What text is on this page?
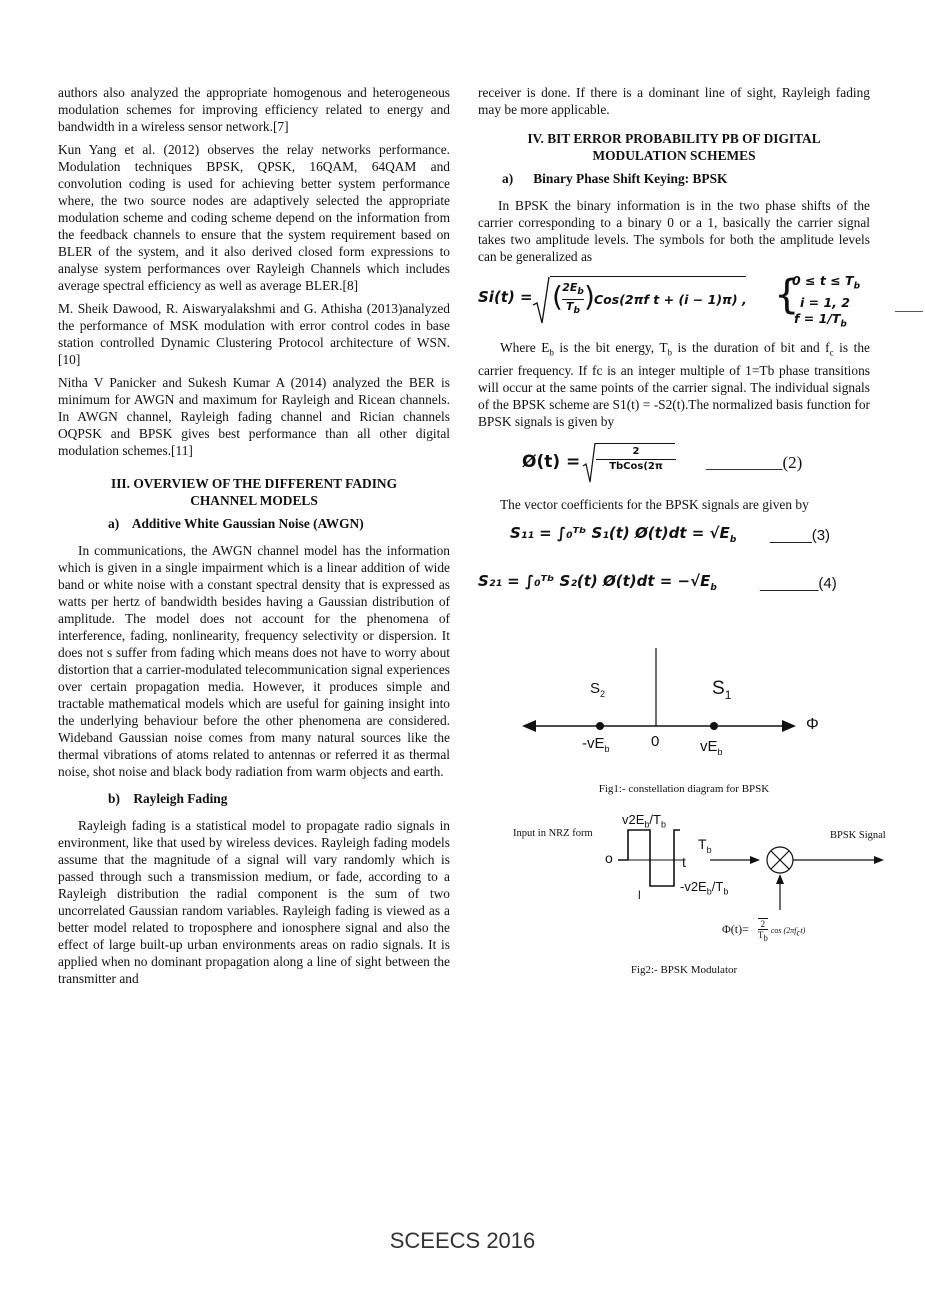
authors also analyzed the appropriate homogenous and heterogeneous modulation schemes for improving efficiency related to energy and bandwidth in a wireless sensor network.[7]

Kun Yang et al. (2012) observes the relay networks performance. Modulation techniques BPSK, QPSK, 16QAM, 64QAM and convolution coding is used for achieving better system performance where, the two source nodes are adaptively selected the appropriate modulation scheme and coding scheme depend on the information from the feedback channels to ensure that the system requirement based on BLER of the system, and it also derived closed form expressions to analyse system performances over Rayleigh Channels which includes average spectral efficiency as well as average BLER.[8]

M. Sheik Dawood, R. Aiswaryalakshmi and G. Athisha (2013)analyzed the performance of MSK modulation with error control codes in base station controlled Dynamic Clustering Protocol architecture of WSN.[10]

Nitha V Panicker and Sukesh Kumar A (2014) analyzed the BER is minimum for AWGN and maximum for Rayleigh and Ricean channels. In AWGN channel, Rayleigh fading channel and Rician channels OQPSK and BPSK gives best performance than all other digital modulation schemes.[11]

III. OVERVIEW OF THE DIFFERENT FADING
CHANNEL MODELS
a) Additive White Gaussian Noise (AWGN)

In communications, the AWGN channel model has the information which is given in a single impairment which is a linear addition of wide band or white noise with a constant spectral density that is expressed as watts per hertz of bandwidth besides having a Gaussian distribution of amplitude. The model does not account for the phenomena of interference, fading, nonlinearity, frequency selectivity or dispersion. It does not s suffer from fading which means does not have to worry about distortion that a carrier-modulated telecommunication signal experiences over certain propagation media. However, it produces simple and tractable mathematical models which are useful for gaining insight into the underlying behaviour before the other phenomena are considered. Wideband Gaussian noise comes from many natural sources like the thermal vibrations of atoms related to antennas or referred it as thermal noise, shot noise and black body radiation from warm objects and earth.

b) Rayleigh Fading

Rayleigh fading is a statistical model to propagate radio signals in environment, like that used by wireless devices. Rayleigh fading models assume that the magnitude of a signal will vary randomly which is passed through such a transmission medium, or fade, according to a Rayleigh distribution the radial component is the sum of two uncorrelated Gaussian random variables. Rayleigh fading is viewed as a better model related to troposphere and ionosphere signal and also the effect of large built-up urban environments areas on radio signals. It is applied when no dominant propagation along a line of sight between the transmitter and

receiver is done. If there is a dominant line of sight, Rayleigh fading may be more applicable.

IV. BIT ERROR PROBABILITY PB OF DIGITAL
MODULATION SCHEMES
a) Binary Phase Shift Keying: BPSK

In BPSK the binary information is in the two phase shifts of the carrier corresponding to a binary 0 or a 1, basically the carrier signal takes two amplitude levels. The symbols for both the amplitude levels can be generalized as

Si(t) = ( $2E_b$
$T_b$ ) Cos(2πf t + (i − 1)π) , {
$0 \le t \le T_b$
i = 1, 2
$f = 1/T_b$

Where $E_b$ is the bit energy, $T_b$ is the duration of bit and $f_c$ is the carrier frequency. If fc is an integer multiple of 1=Tb phase transitions will occur at the same points of the carrier signal. The individual signals of the BPSK scheme are S1(t) = -S2(t).The normalized basis function for BPSK signals is given by

Ø(t) =
2
TbCos(2π	_________(2)

The vector coefficients for the BPSK signals are given by

S₁₁ = ∫₀ᵀᵇ S₁(t) Ø(t)dt = $√E_b$ _____(3)
S₂₁ = ∫₀ᵀᵇ S₂(t) Ø(t)dt = $-√E_b$	_______(4)
$S_2$	$S_1$
$-vE_b$	0	$vE_b$
Φ
Fig1:- constellation diagram for BPSK
Input in NRZ form
$v2E_b/T_b$
$-v2E_b/T_b$
o
l
$T_b$
t
BPSK Signal
$\Phi(t)= \frac{2}{T_b}$ $\cos (2\pi f_ct)$
Fig2:- BPSK Modulator
SCEECS 2016
